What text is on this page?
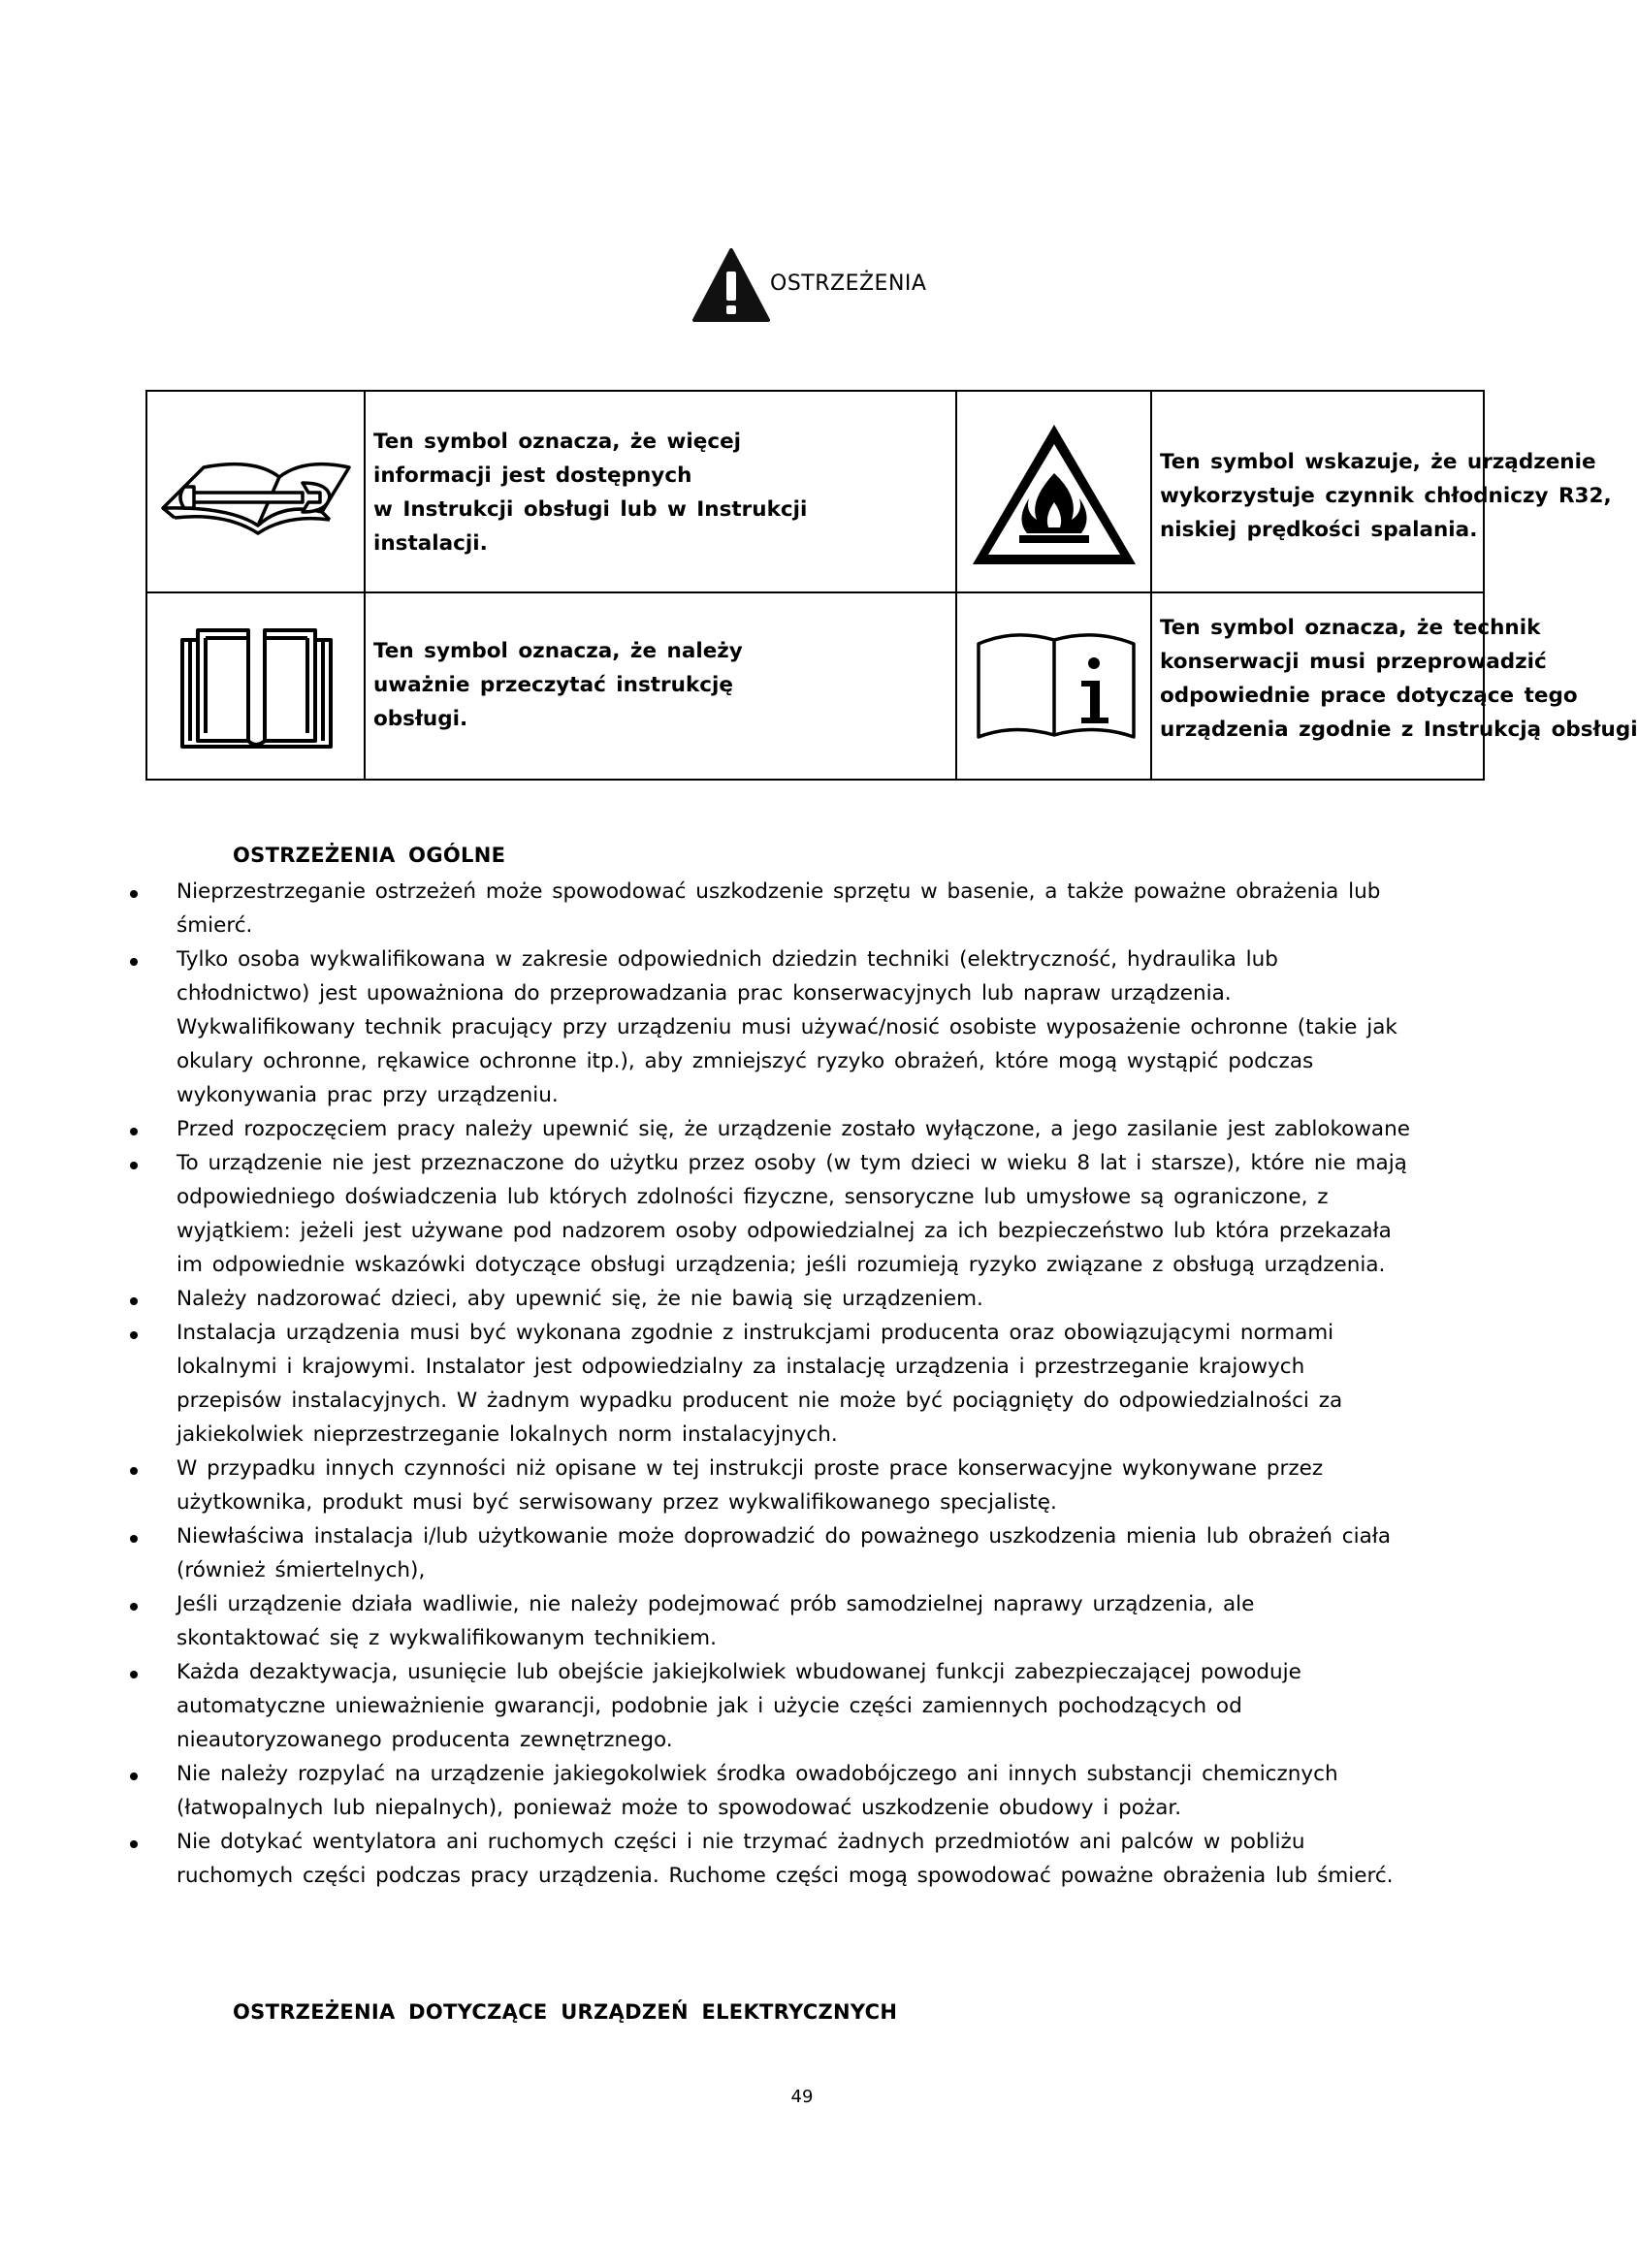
OSTRZEŻENIA
Ten symbol oznacza, że więcej
informacji jest dostępnych
w Instrukcji obsługi lub w Instrukcji
instalacji.
Ten symbol wskazuje, że urządzenie
wykorzystuje czynnik chłodniczy R32,
niskiej prędkości spalania.
Ten symbol oznacza, że należy
uważnie przeczytać instrukcję
obsługi.
Ten symbol oznacza, że technik
konserwacji musi przeprowadzić
odpowiednie prace dotyczące tego
urządzenia zgodnie z Instrukcją obsługi
OSTRZEŻENIA OGÓLNE
Nieprzestrzeganie ostrzeżeń może spowodować uszkodzenie sprzętu w basenie, a także poważne obrażenia lub
śmierć.
Tylko osoba wykwalifikowana w zakresie odpowiednich dziedzin techniki (elektryczność, hydraulika lub
chłodnictwo) jest upoważniona do przeprowadzania prac konserwacyjnych lub napraw urządzenia.
Wykwalifikowany technik pracujący przy urządzeniu musi używać/nosić osobiste wyposażenie ochronne (takie jak
okulary ochronne, rękawice ochronne itp.), aby zmniejszyć ryzyko obrażeń, które mogą wystąpić podczas
wykonywania prac przy urządzeniu.
Przed rozpoczęciem pracy należy upewnić się, że urządzenie zostało wyłączone, a jego zasilanie jest zablokowane
To urządzenie nie jest przeznaczone do użytku przez osoby (w tym dzieci w wieku 8 lat i starsze), które nie mają
odpowiedniego doświadczenia lub których zdolności fizyczne, sensoryczne lub umysłowe są ograniczone, z
wyjątkiem: jeżeli jest używane pod nadzorem osoby odpowiedzialnej za ich bezpieczeństwo lub która przekazała
im odpowiednie wskazówki dotyczące obsługi urządzenia; jeśli rozumieją ryzyko związane z obsługą urządzenia.
Należy nadzorować dzieci, aby upewnić się, że nie bawią się urządzeniem.
Instalacja urządzenia musi być wykonana zgodnie z instrukcjami producenta oraz obowiązującymi normami
lokalnymi i krajowymi. Instalator jest odpowiedzialny za instalację urządzenia i przestrzeganie krajowych
przepisów instalacyjnych. W żadnym wypadku producent nie może być pociągnięty do odpowiedzialności za
jakiekolwiek nieprzestrzeganie lokalnych norm instalacyjnych.
W przypadku innych czynności niż opisane w tej instrukcji proste prace konserwacyjne wykonywane przez
użytkownika, produkt musi być serwisowany przez wykwalifikowanego specjalistę.
Niewłaściwa instalacja i/lub użytkowanie może doprowadzić do poważnego uszkodzenia mienia lub obrażeń ciała
(również śmiertelnych),
Jeśli urządzenie działa wadliwie, nie należy podejmować prób samodzielnej naprawy urządzenia, ale
skontaktować się z wykwalifikowanym technikiem.
Każda dezaktywacja, usunięcie lub obejście jakiejkolwiek wbudowanej funkcji zabezpieczającej powoduje
automatyczne unieważnienie gwarancji, podobnie jak i użycie części zamiennych pochodzących od
nieautoryzowanego producenta zewnętrznego.
Nie należy rozpylać na urządzenie jakiegokolwiek środka owadobójczego ani innych substancji chemicznych
(łatwopalnych lub niepalnych), ponieważ może to spowodować uszkodzenie obudowy i pożar.
Nie dotykać wentylatora ani ruchomych części i nie trzymać żadnych przedmiotów ani palców w pobliżu
ruchomych części podczas pracy urządzenia. Ruchome części mogą spowodować poważne obrażenia lub śmierć.
OSTRZEŻENIA DOTYCZĄCE URZĄDZEŃ ELEKTRYCZNYCH
49
